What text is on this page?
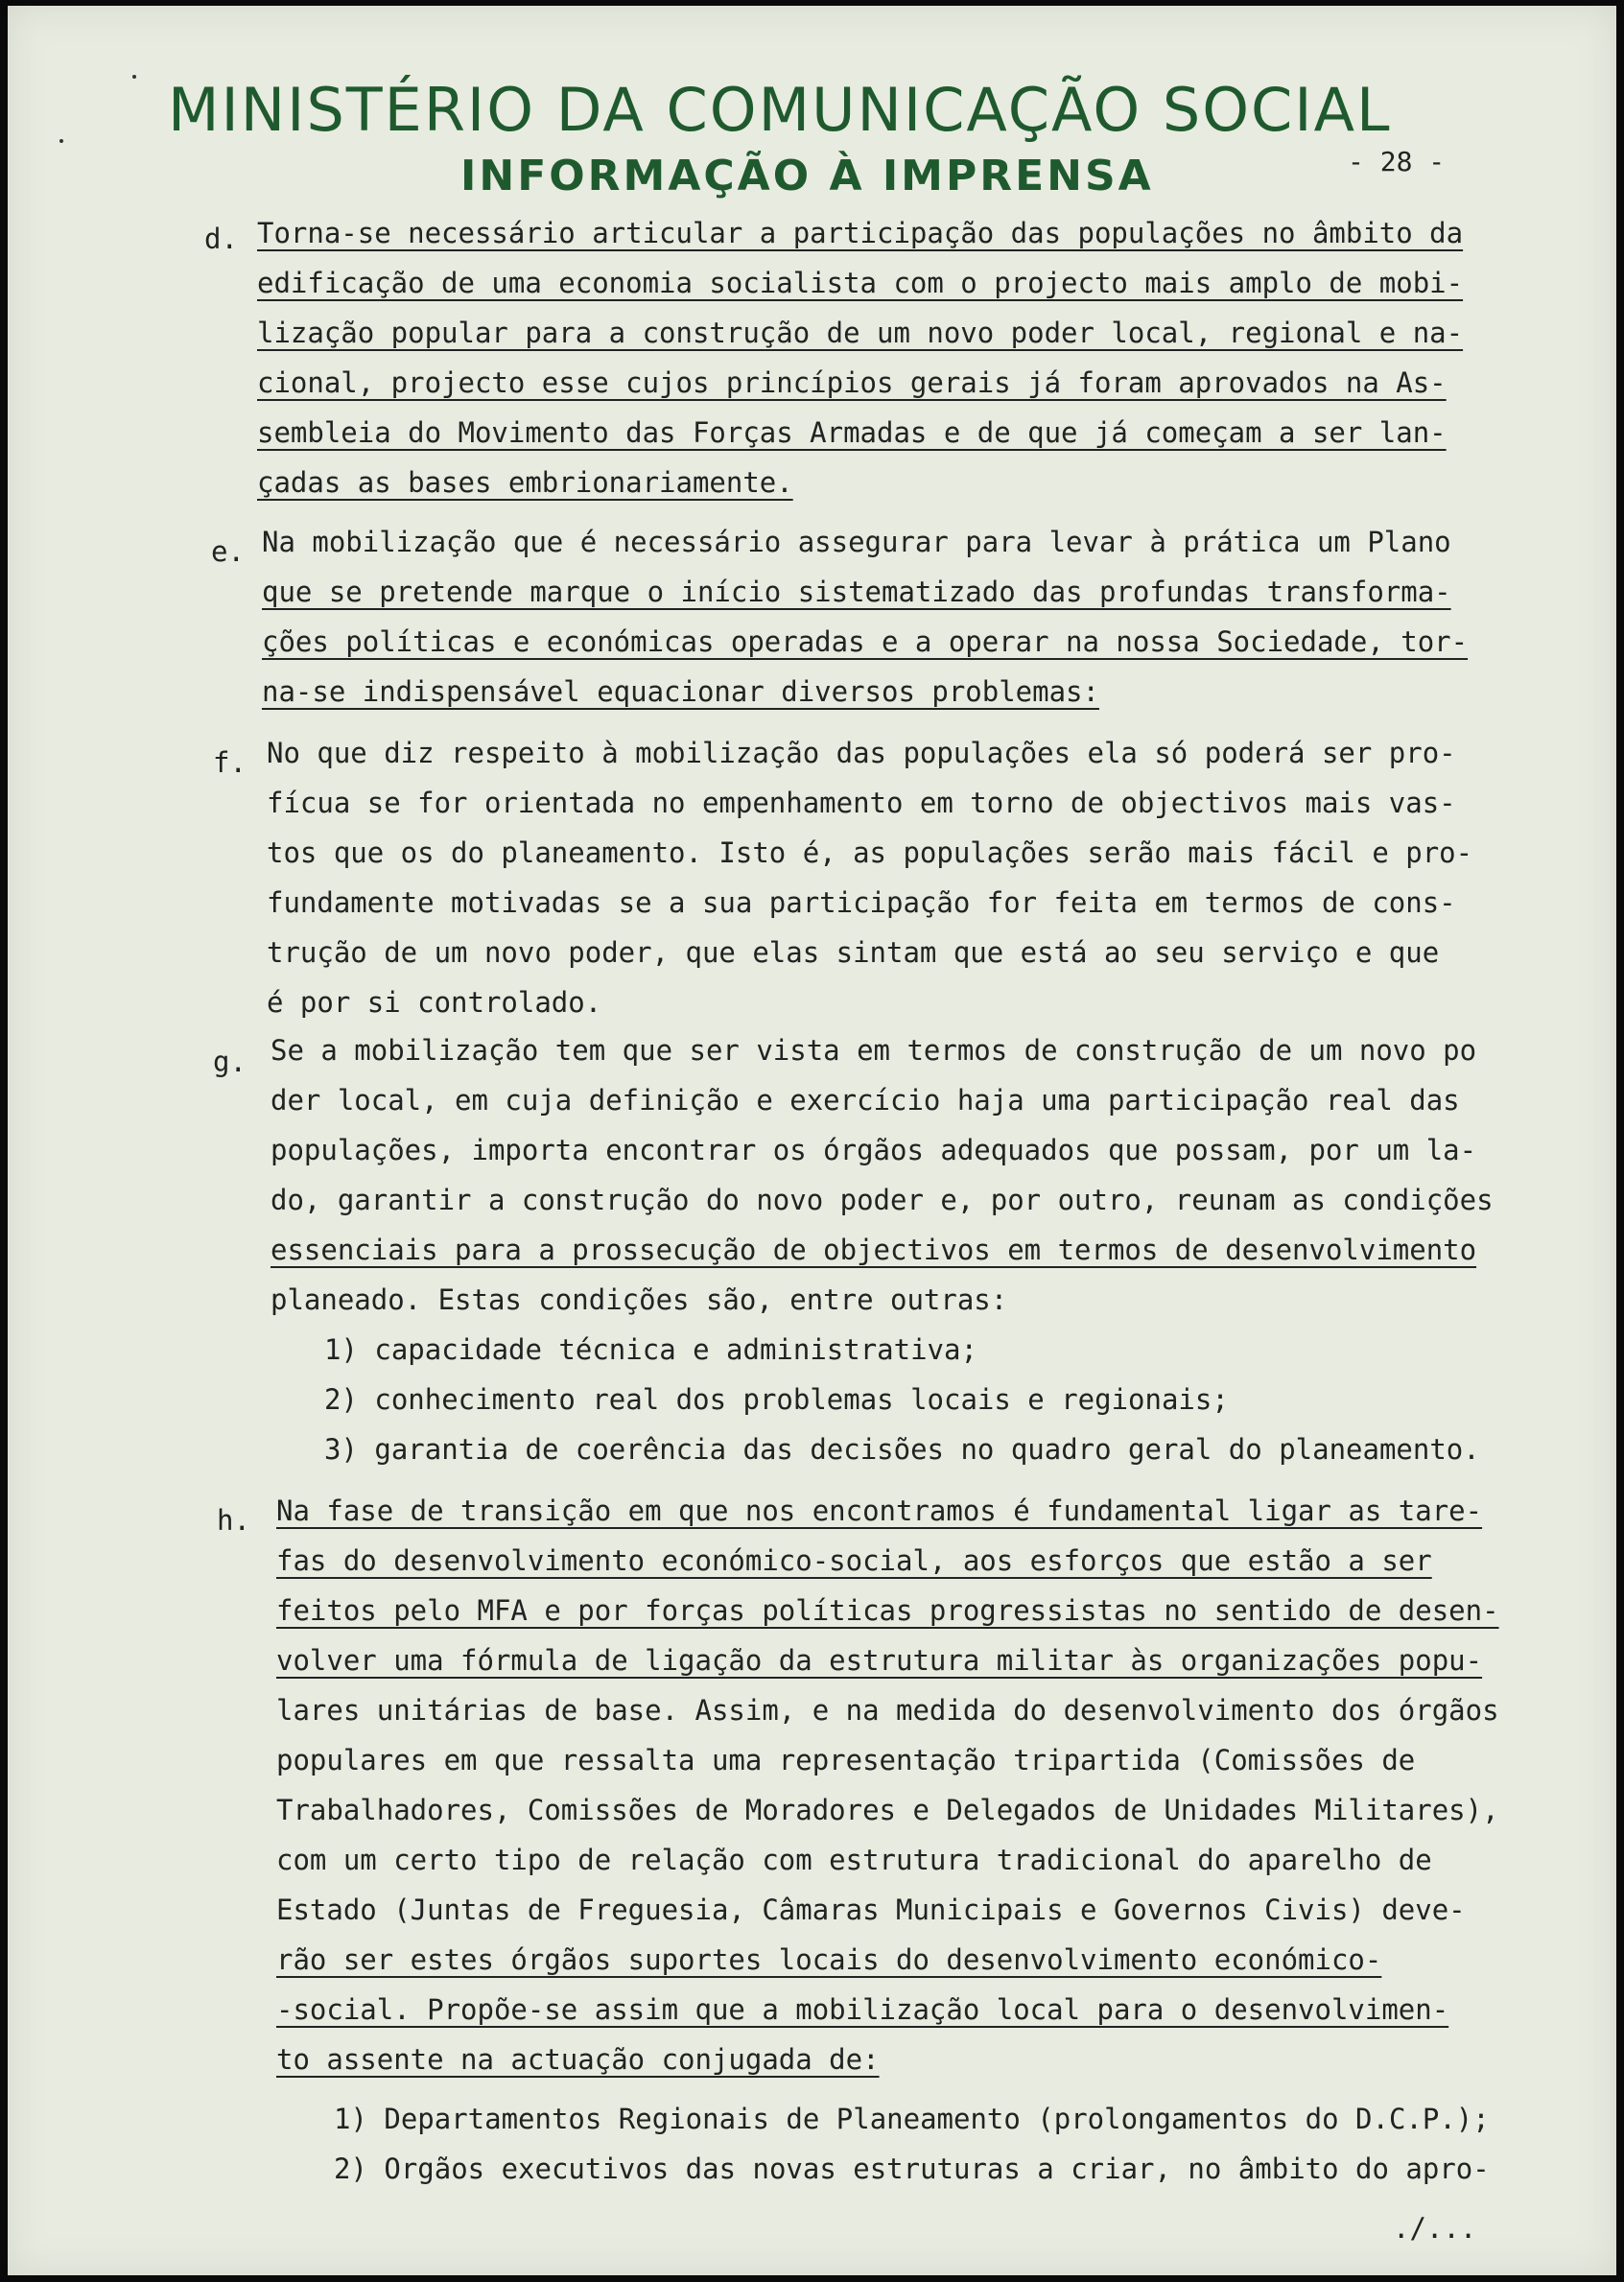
MINISTÉRIO DA COMUNICAÇÃO SOCIAL
INFORMAÇÃO À IMPRENSA	- 28 -
d. Torna-se necessário articular a participação das populações no âmbito da
edificação de uma economia socialista com o projecto mais amplo de mobi-
lização popular para a construção de um novo poder local, regional e na-
cional, projecto esse cujos princípios gerais já foram aprovados na As-
sembleia do Movimento das Forças Armadas e de que já começam a ser lan-
çadas as bases embrionariamente.
e. Na mobilização que é necessário assegurar para levar à prática um Plano
que se pretende marque o início sistematizado das profundas transforma-
ções políticas e económicas operadas e a operar na nossa Sociedade, tor-
na-se indispensável equacionar diversos problemas:
f. No que diz respeito à mobilização das populações ela só poderá ser pro-
fícua se for orientada no empenhamento em torno de objectivos mais vas-
tos que os do planeamento. Isto é, as populações serão mais fácil e pro-
fundamente motivadas se a sua participação for feita em termos de cons-
trução de um novo poder, que elas sintam que está ao seu serviço e que
é por si controlado.
g. Se a mobilização tem que ser vista em termos de construção de um novo po
der local, em cuja definição e exercício haja uma participação real das
populações, importa encontrar os órgãos adequados que possam, por um la-
do, garantir a construção do novo poder e, por outro, reunam as condições
essenciais para a prossecução de objectivos em termos de desenvolvimento
planeado. Estas condições são, entre outras:
1) capacidade técnica e administrativa;
2) conhecimento real dos problemas locais e regionais;
3) garantia de coerência das decisões no quadro geral do planeamento.
h. Na fase de transição em que nos encontramos é fundamental ligar as tare-
fas do desenvolvimento económico-social, aos esforços que estão a ser
feitos pelo MFA e por forças políticas progressistas no sentido de desen-
volver uma fórmula de ligação da estrutura militar às organizações popu-
lares unitárias de base. Assim, e na medida do desenvolvimento dos órgãos
populares em que ressalta uma representação tripartida (Comissões de
Trabalhadores, Comissões de Moradores e Delegados de Unidades Militares),
com um certo tipo de relação com estrutura tradicional do aparelho de
Estado (Juntas de Freguesia, Câmaras Municipais e Governos Civis) deve-
rão ser estes órgãos suportes locais do desenvolvimento económico-
-social. Propõe-se assim que a mobilização local para o desenvolvimen-
to assente na actuação conjugada de:
1) Departamentos Regionais de Planeamento (prolongamentos do D.C.P.);
2) Orgãos executivos das novas estruturas a criar, no âmbito do apro-
./...
